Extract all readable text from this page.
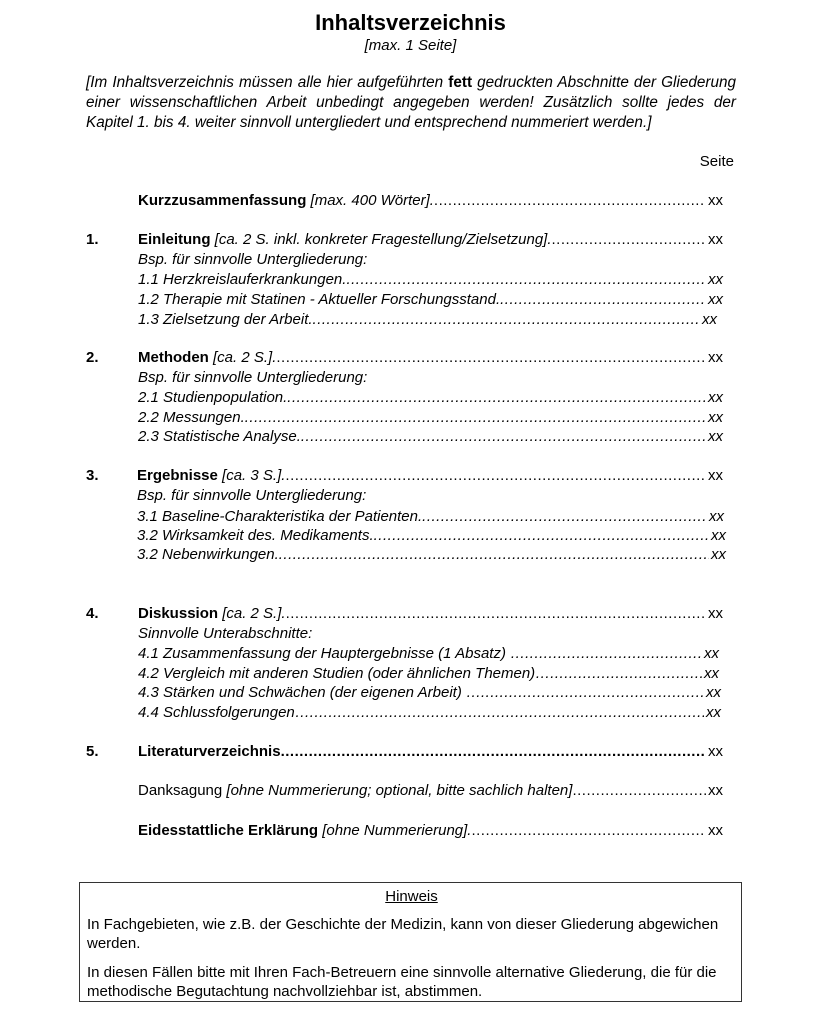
Inhaltsverzeichnis
[max. 1 Seite]
[Im Inhaltsverzeichnis müssen alle hier aufgeführten fett gedruckten Abschnitte der Gliederung einer wissenschaftlichen Arbeit unbedingt angegeben werden! Zusätzlich sollte jedes der Kapitel 1. bis 4. weiter sinnvoll untergliedert und entsprechend nummeriert werden.]
Seite
Kurzzusammenfassung [max. 400 Wörter]. .....	xx
1.	Einleitung [ca. 2 S. inkl. konkreter Fragestellung/Zielsetzung]. .....	xx
Bsp. für sinnvolle Untergliederung:
1.1 Herzkreislauferkrankungen. .....	xx
1.2 Therapie mit Statinen - Aktueller Forschungsstand. .....	xx
1.3 Zielsetzung der Arbeit. .....	xx
2.	Methoden [ca. 2 S.]. .....	xx
Bsp. für sinnvolle Untergliederung:
2.1 Studienpopulation. .....	xx
2.2 Messungen. .....	xx
2.3 Statistische Analyse. .....	xx
3.	Ergebnisse [ca. 3 S.]. .....	xx
Bsp. für sinnvolle Untergliederung:
3.1 Baseline-Charakteristika der Patienten. .....	xx
3.2 Wirksamkeit des. Medikaments. .....	xx
3.2 Nebenwirkungen. .....	xx
4.	Diskussion [ca. 2 S.]. .....	xx
Sinnvolle Unterabschnitte:
4.1 Zusammenfassung der Hauptergebnisse (1 Absatz) … .....	xx
4.2 Vergleich mit anderen Studien (oder ähnlichen Themen)… .....	xx
4.3 Stärken und Schwächen (der eigenen Arbeit) … .....	xx
4.4 Schlussfolgerungen… .....	xx
5.	Literaturverzeichnis .....	xx
Danksagung [ohne Nummerierung; optional, bitte sachlich halten] .....	xx
Eidesstattliche Erklärung [ohne Nummerierung]. .....	xx
Hinweis
In Fachgebieten, wie z.B. der Geschichte der Medizin, kann von dieser Gliederung abgewichen werden.
In diesen Fällen bitte mit Ihren Fach-Betreuern eine sinnvolle alternative Gliederung, die für die methodische Begutachtung nachvollziehbar ist, abstimmen.
